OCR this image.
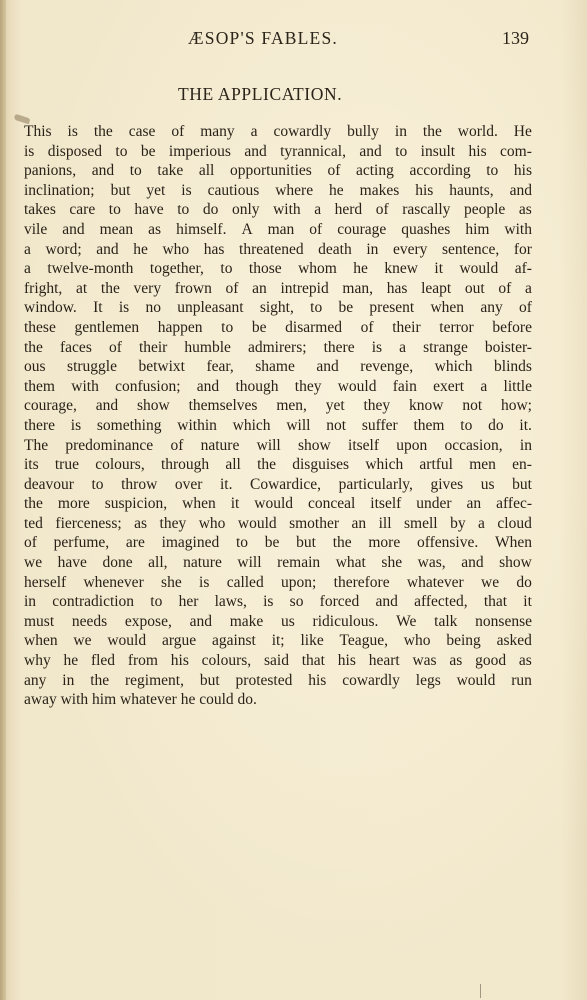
ÆSOP'S FABLES.	139
THE APPLICATION.
This is the case of many a cowardly bully in the world. He
is disposed to be imperious and tyrannical, and to insult his com-
panions, and to take all opportunities of acting according to his
inclination; but yet is cautious where he makes his haunts, and
takes care to have to do only with a herd of rascally people as
vile and mean as himself. A man of courage quashes him with
a word; and he who has threatened death in every sentence, for
a twelve-month together, to those whom he knew it would af-
fright, at the very frown of an intrepid man, has leapt out of a
window. It is no unpleasant sight, to be present when any of
these gentlemen happen to be disarmed of their terror before
the faces of their humble admirers; there is a strange boister-
ous struggle betwixt fear, shame and revenge, which blinds
them with confusion; and though they would fain exert a little
courage, and show themselves men, yet they know not how;
there is something within which will not suffer them to do it.
The predominance of nature will show itself upon occasion, in
its true colours, through all the disguises which artful men en-
deavour to throw over it. Cowardice, particularly, gives us but
the more suspicion, when it would conceal itself under an affec-
ted fierceness; as they who would smother an ill smell by a cloud
of perfume, are imagined to be but the more offensive. When
we have done all, nature will remain what she was, and show
herself whenever she is called upon; therefore whatever we do
in contradiction to her laws, is so forced and affected, that it
must needs expose, and make us ridiculous. We talk nonsense
when we would argue against it; like Teague, who being asked
why he fled from his colours, said that his heart was as good as
any in the regiment, but protested his cowardly legs would run
away with him whatever he could do.
